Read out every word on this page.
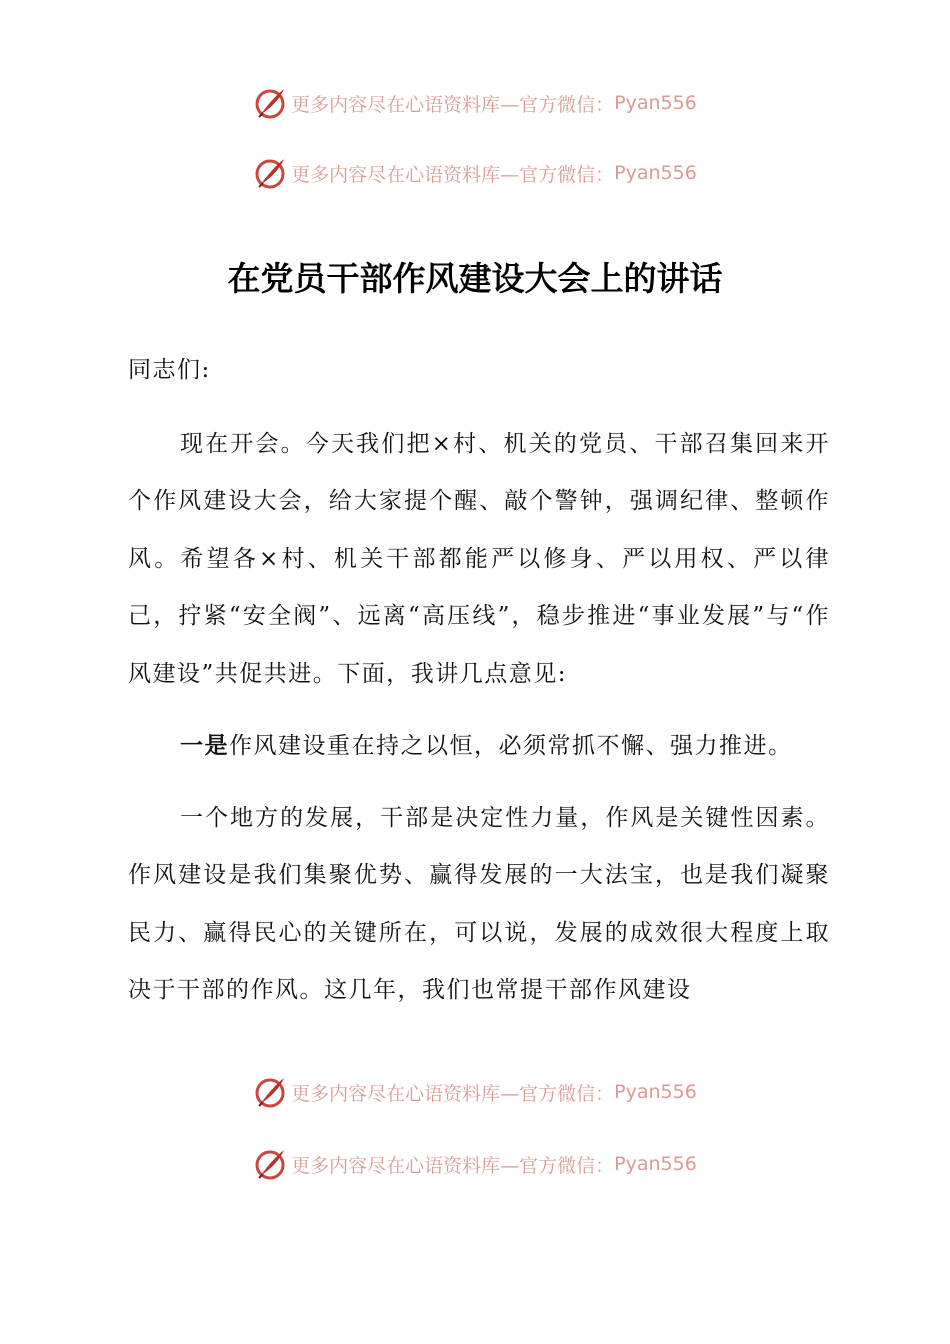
更多内容尽在心语资料库—官方微信： Pyan556
更多内容尽在心语资料库—官方微信： Pyan556
在党员干部作风建设大会上的讲话

同志们:

现在开会。今天我们把×村、机关的党员、干部召集回来开个作风建设大会，给大家提个醒、敲个警钟，强调纪律、整顿作风。希望各×村、机关干部都能严以修身、严以用权、严以律己，拧紧“安全阀”、远离“高压线”，稳步推进“事业发展”与“作风建设”共促共进。下面，我讲几点意见:

一是作风建设重在持之以恒，必须常抓不懈、强力推进。

一个地方的发展，干部是决定性力量，作风是关键性因素。作风建设是我们集聚优势、赢得发展的一大法宝，也是我们凝聚民力、赢得民心的关键所在，可以说，发展的成效很大程度上取决于干部的作风。这几年，我们也常提干部作风建设

更多内容尽在心语资料库—官方微信： Pyan556
更多内容尽在心语资料库—官方微信： Pyan556
